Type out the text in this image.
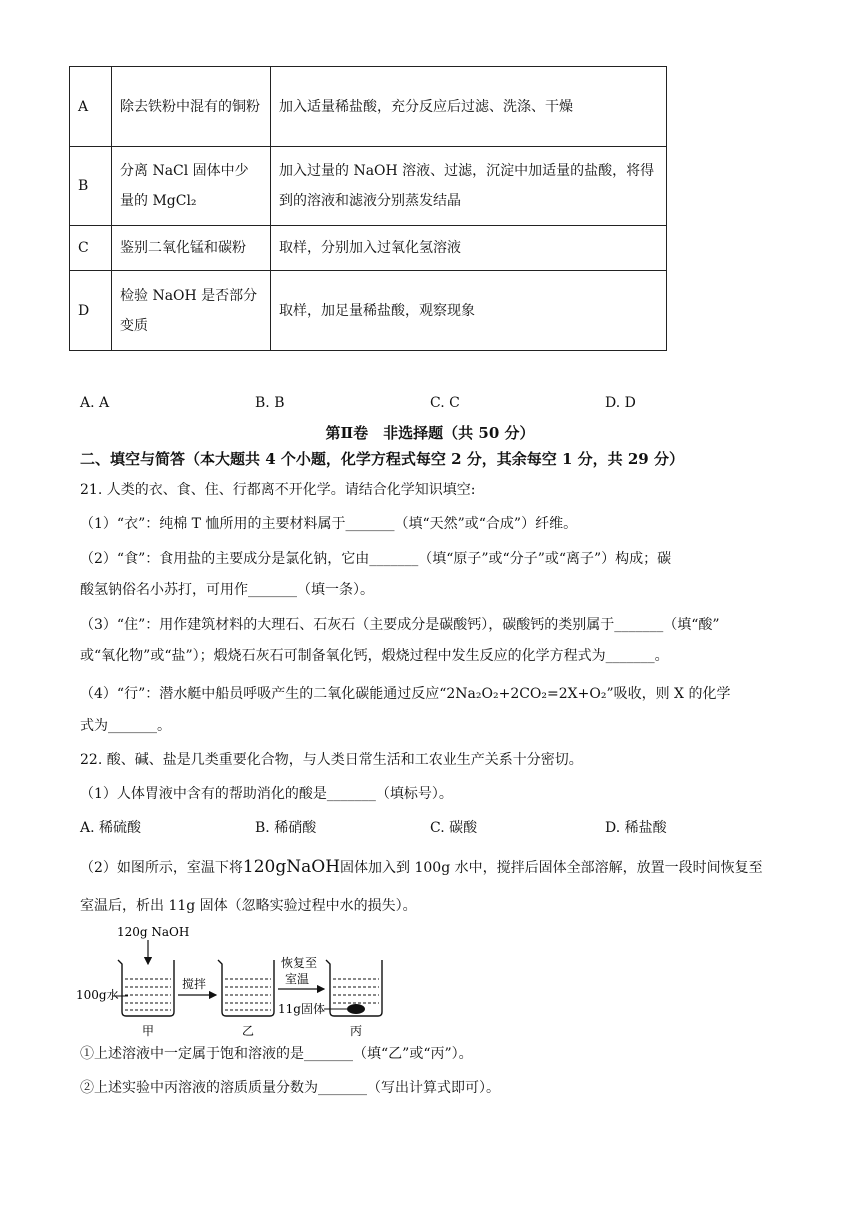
A	除去铁粉中混有的铜粉	加入适量稀盐酸，充分反应后过滤、洗涤、干燥
B	分离 NaCl 固体中少量的 MgCl₂	加入过量的 NaOH 溶液、过滤，沉淀中加适量的盐酸，将得到的溶液和滤液分别蒸发结晶
C	鉴别二氧化锰和碳粉	取样，分别加入过氧化氢溶液
D	检验 NaOH 是否部分变质	取样，加足量稀盐酸，观察现象
A. A	B. B	C. C	D. D
第Ⅱ卷　非选择题（共 50 分）
二、填空与简答（本大题共 4 个小题，化学方程式每空 2 分，其余每空 1 分，共 29 分）
21. 人类的衣、食、住、行都离不开化学。请结合化学知识填空:
（1）“衣”：纯棉 T 恤所用的主要材料属于_______（填“天然”或“合成”）纤维。
（2）“食”：食用盐的主要成分是氯化钠，它由_______（填“原子”或“分子”或“离子”）构成；碳
酸氢钠俗名小苏打，可用作_______（填一条）。
（3）“住”：用作建筑材料的大理石、石灰石（主要成分是碳酸钙），碳酸钙的类别属于_______（填“酸”
或“氧化物”或“盐”）；煅烧石灰石可制备氧化钙，煅烧过程中发生反应的化学方程式为_______。
（4）“行”：潜水艇中船员呼吸产生的二氧化碳能通过反应“2Na₂O₂+2CO₂=2X+O₂”吸收，则 X 的化学
式为_______。
22. 酸、碱、盐是几类重要化合物，与人类日常生活和工农业生产关系十分密切。
（1）人体胃液中含有的帮助消化的酸是_______（填标号）。
A. 稀硫酸	B. 稀硝酸	C. 碳酸	D. 稀盐酸
（2）如图所示，室温下将120gNaOH固体加入到 100g 水中，搅拌后固体全部溶解，放置一段时间恢复至
室温后，析出 11g 固体（忽略实验过程中水的损失）。
120g NaOH
100g水
搅拌
恢复至
室温
11g固体
甲	乙	丙
①上述溶液中一定属于饱和溶液的是_______（填“乙”或“丙”）。
②上述实验中丙溶液的溶质质量分数为_______（写出计算式即可）。
